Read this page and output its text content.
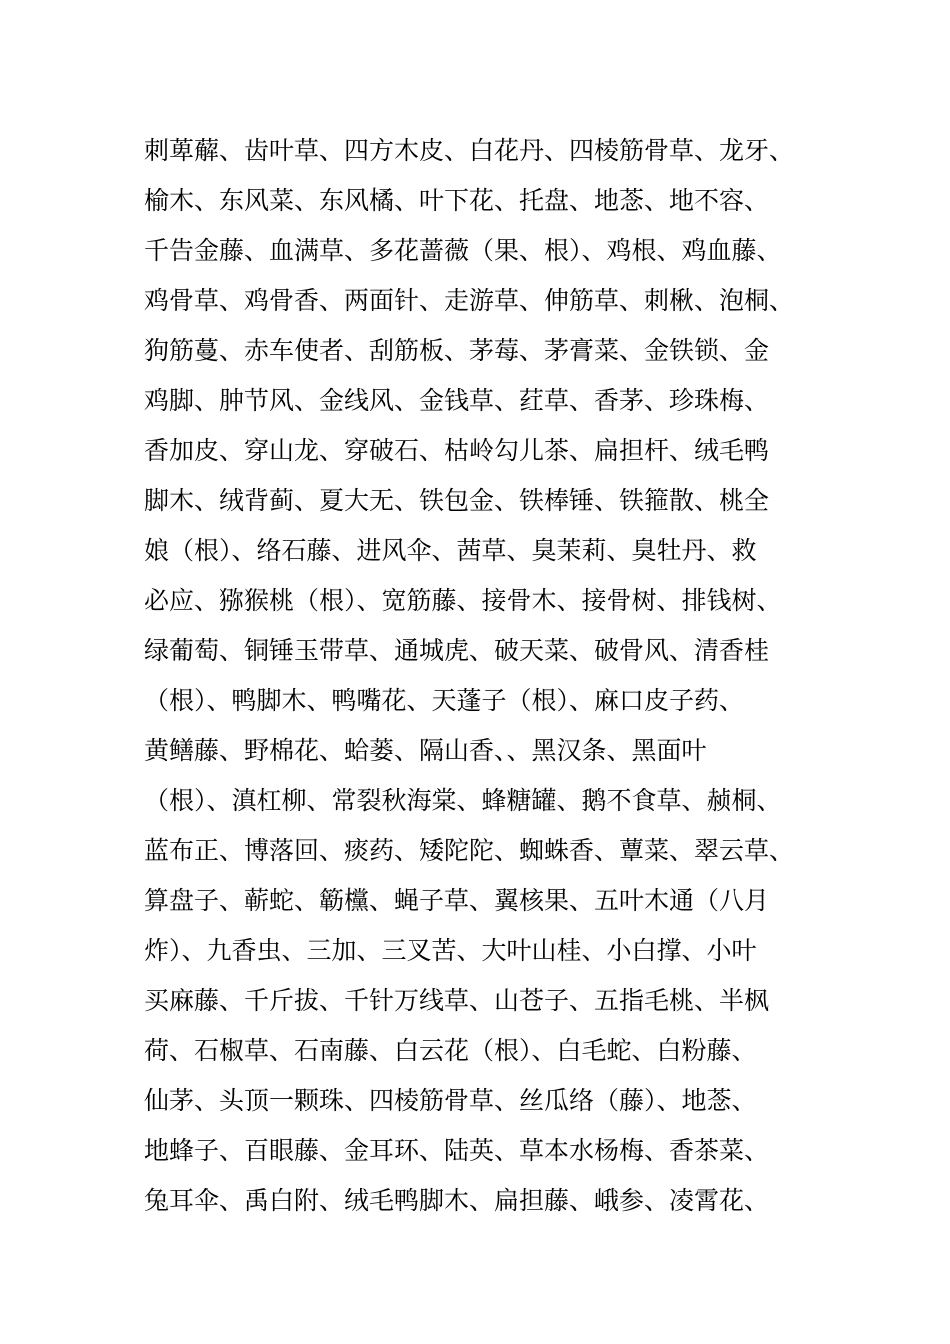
刺萆薢、齿叶草、四方木皮、白花丹、四棱筋骨草、龙牙、
榆木、东风菜、东风橘、叶下花、托盘、地菍、地不容、
千告金藤、血满草、多花蔷薇（果、根）、鸡根、鸡血藤、
鸡骨草、鸡骨香、两面针、走游草、伸筋草、刺楸、泡桐、
狗筋蔓、赤车使者、刮筋板、茅莓、茅膏菜、金铁锁、金
鸡脚、肿节风、金线风、金钱草、荭草、香茅、珍珠梅、
香加皮、穿山龙、穿破石、枯岭勾儿茶、扁担杆、绒毛鸭
脚木、绒背蓟、夏大无、铁包金、铁棒锤、铁箍散、桃全
娘（根）、络石藤、进风伞、茜草、臭茉莉、臭牡丹、救
必应、猕猴桃（根）、宽筋藤、接骨木、接骨树、排钱树、
绿葡萄、铜锤玉带草、通城虎、破天菜、破骨风、清香桂
（根）、鸭脚木、鸭嘴花、天蓬子（根）、麻口皮子药、
黄鳝藤、野棉花、蛤蒌、隔山香、、黑汉条、黑面叶
（根）、滇杠柳、常裂秋海棠、蜂糖罐、鹅不食草、赪桐、
蓝布正、博落回、痰药、矮陀陀、蜘蛛香、蕈菜、翠云草、
算盘子、蕲蛇、簕欓、蝇子草、翼核果、五叶木通（八月
炸）、九香虫、三加、三叉苦、大叶山桂、小白撑、小叶
买麻藤、千斤拔、千针万线草、山苍子、五指毛桃、半枫
荷、石椒草、石南藤、白云花（根）、白毛蛇、白粉藤、
仙茅、头顶一颗珠、四棱筋骨草、丝瓜络（藤）、地菍、
地蜂子、百眼藤、金耳环、陆英、草本水杨梅、香茶菜、
兔耳伞、禹白附、绒毛鸭脚木、扁担藤、峨参、凌霄花、
